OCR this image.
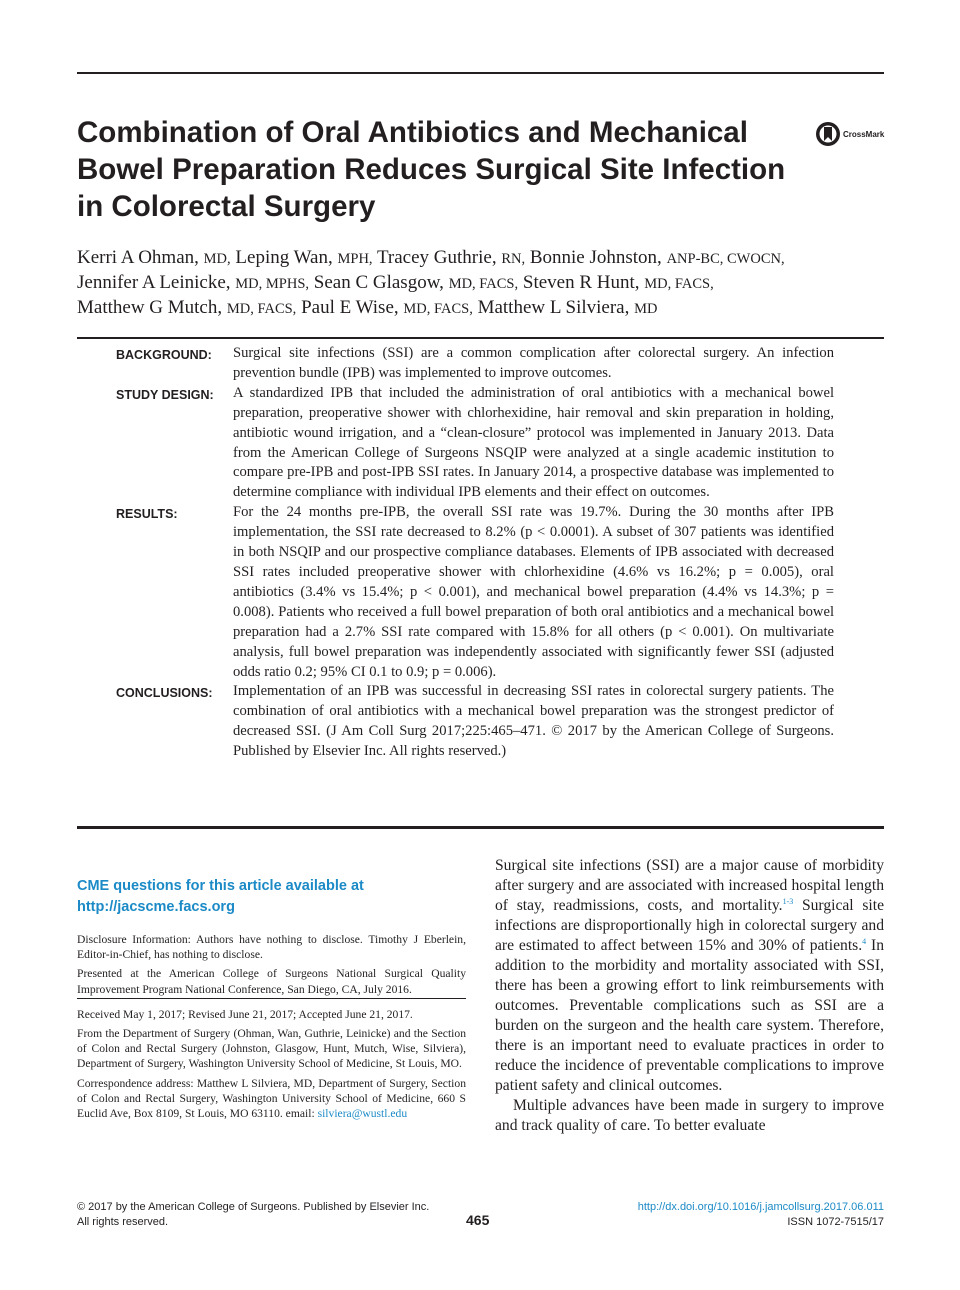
Combination of Oral Antibiotics and Mechanical Bowel Preparation Reduces Surgical Site Infection in Colorectal Surgery
CrossMark
Kerri A Ohman, MD, Leping Wan, MPH, Tracey Guthrie, RN, Bonnie Johnston, ANP-BC, CWOCN,
Jennifer A Leinicke, MD, MPHS, Sean C Glasgow, MD, FACS, Steven R Hunt, MD, FACS,
Matthew G Mutch, MD, FACS, Paul E Wise, MD, FACS, Matthew L Silviera, MD
BACKGROUND:	Surgical site infections (SSI) are a common complication after colorectal surgery. An infection prevention bundle (IPB) was implemented to improve outcomes.
STUDY DESIGN:	A standardized IPB that included the administration of oral antibiotics with a mechanical bowel preparation, preoperative shower with chlorhexidine, hair removal and skin preparation in holding, antibiotic wound irrigation, and a “clean-closure” protocol was implemented in January 2013. Data from the American College of Surgeons NSQIP were analyzed at a single academic institution to compare pre-IPB and post-IPB SSI rates. In January 2014, a prospective database was implemented to determine compliance with individual IPB elements and their effect on outcomes.
RESULTS:	For the 24 months pre-IPB, the overall SSI rate was 19.7%. During the 30 months after IPB implementation, the SSI rate decreased to 8.2% (p < 0.0001). A subset of 307 patients was identified in both NSQIP and our prospective compliance databases. Elements of IPB associated with decreased SSI rates included preoperative shower with chlorhexidine (4.6% vs 16.2%; p = 0.005), oral antibiotics (3.4% vs 15.4%; p < 0.001), and mechanical bowel preparation (4.4% vs 14.3%; p = 0.008). Patients who received a full bowel preparation of both oral antibiotics and a mechanical bowel preparation had a 2.7% SSI rate compared with 15.8% for all others (p < 0.001). On multivariate analysis, full bowel preparation was independently associated with significantly fewer SSI (adjusted odds ratio 0.2; 95% CI 0.1 to 0.9; p = 0.006).
CONCLUSIONS:	Implementation of an IPB was successful in decreasing SSI rates in colorectal surgery patients. The combination of oral antibiotics with a mechanical bowel preparation was the strongest predictor of decreased SSI. (J Am Coll Surg 2017;225:465–471. © 2017 by the American College of Surgeons. Published by Elsevier Inc. All rights reserved.)
CME questions for this article available at
http://jacscme.facs.org

Disclosure Information: Authors have nothing to disclose. Timothy J Eberlein, Editor-in-Chief, has nothing to disclose.

Presented at the American College of Surgeons National Surgical Quality Improvement Program National Conference, San Diego, CA, July 2016.

Received May 1, 2017; Revised June 21, 2017; Accepted June 21, 2017.

From the Department of Surgery (Ohman, Wan, Guthrie, Leinicke) and the Section of Colon and Rectal Surgery (Johnston, Glasgow, Hunt, Mutch, Wise, Silviera), Department of Surgery, Washington University School of Medicine, St Louis, MO.

Correspondence address: Matthew L Silviera, MD, Department of Surgery, Section of Colon and Rectal Surgery, Washington University School of Medicine, 660 S Euclid Ave, Box 8109, St Louis, MO 63110. email: silviera@wustl.edu

Surgical site infections (SSI) are a major cause of morbidity after surgery and are associated with increased hospital length of stay, readmissions, costs, and mortality.$^{1-3}$ Surgical site infections are disproportionally high in colorectal surgery and are estimated to affect between 15% and 30% of patients.$^4$ In addition to the morbidity and mortality associated with SSI, there has been a growing effort to link reimbursements with outcomes. Preventable complications such as SSI are a burden on the surgeon and the health care system. Therefore, there is an important need to evaluate practices in order to reduce the incidence of preventable complications to improve patient safety and clinical outcomes.

Multiple advances have been made in surgery to improve and track quality of care. To better evaluate

© 2017 by the American College of Surgeons. Published by Elsevier Inc.
All rights reserved.	465
http://dx.doi.org/10.1016/j.jamcollsurg.2017.06.011
ISSN 1072-7515/17
